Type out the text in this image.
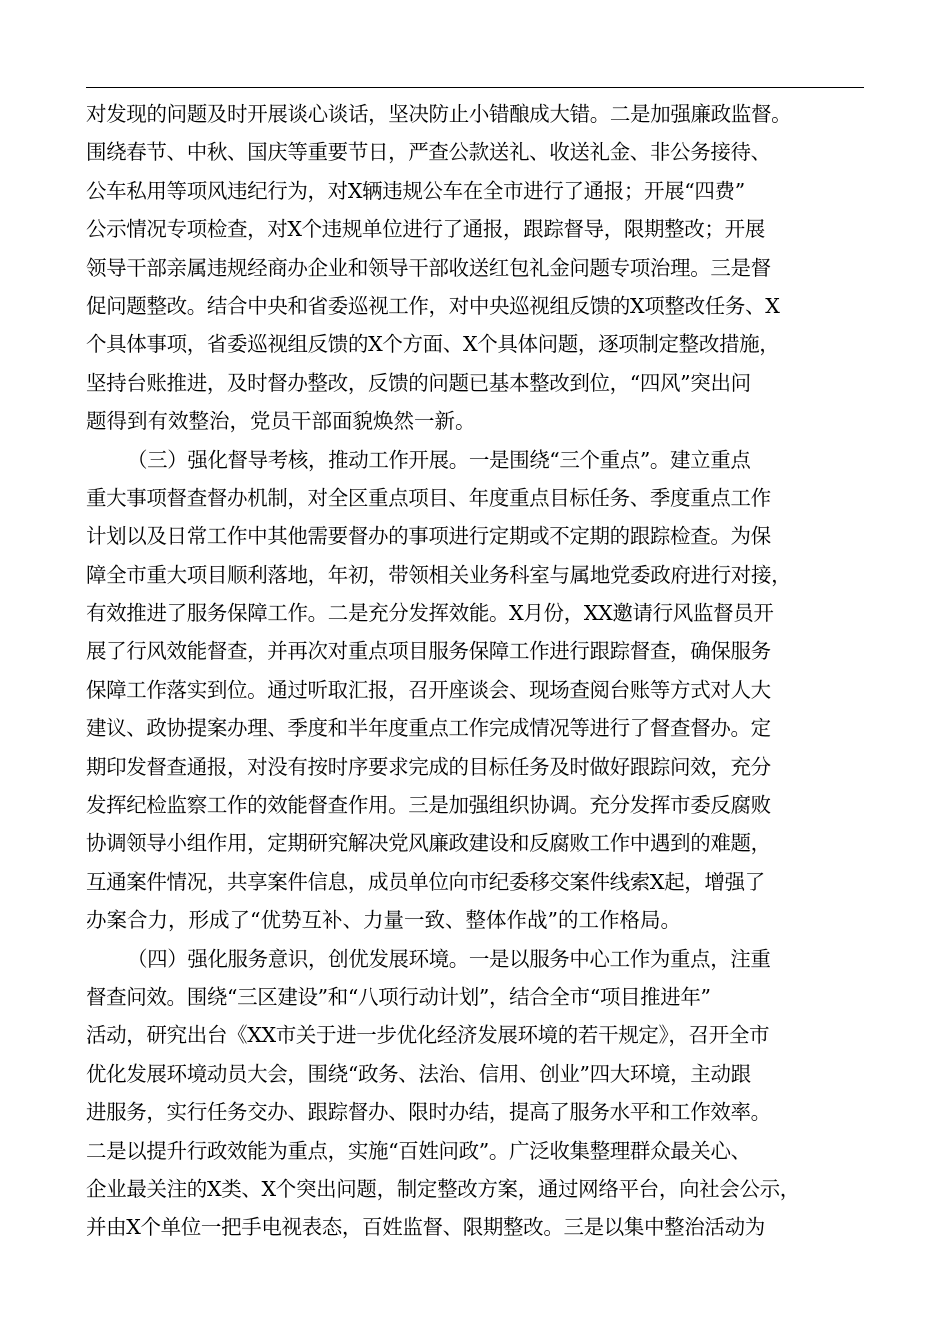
对发现的问题及时开展谈心谈话，坚决防止小错酿成大错。二是加强廉政监督。
围绕春节、中秋、国庆等重要节日，严查公款送礼、收送礼金、非公务接待、
公车私用等项风违纪行为，对X辆违规公车在全市进行了通报；开展“四费”
公示情况专项检查，对X个违规单位进行了通报，跟踪督导，限期整改；开展
领导干部亲属违规经商办企业和领导干部收送红包礼金问题专项治理。三是督
促问题整改。结合中央和省委巡视工作，对中央巡视组反馈的X项整改任务、X
个具体事项，省委巡视组反馈的X个方面、X个具体问题，逐项制定整改措施，
坚持台账推进，及时督办整改，反馈的问题已基本整改到位，“四风”突出问
题得到有效整治，党员干部面貌焕然一新。
（三）强化督导考核，推动工作开展。一是围绕“三个重点”。建立重点
重大事项督查督办机制，对全区重点项目、年度重点目标任务、季度重点工作
计划以及日常工作中其他需要督办的事项进行定期或不定期的跟踪检查。为保
障全市重大项目顺利落地，年初，带领相关业务科室与属地党委政府进行对接，
有效推进了服务保障工作。二是充分发挥效能。X月份，XX邀请行风监督员开
展了行风效能督查，并再次对重点项目服务保障工作进行跟踪督查，确保服务
保障工作落实到位。通过听取汇报，召开座谈会、现场查阅台账等方式对人大
建议、政协提案办理、季度和半年度重点工作完成情况等进行了督查督办。定
期印发督查通报，对没有按时序要求完成的目标任务及时做好跟踪问效，充分
发挥纪检监察工作的效能督查作用。三是加强组织协调。充分发挥市委反腐败
协调领导小组作用，定期研究解决党风廉政建设和反腐败工作中遇到的难题，
互通案件情况，共享案件信息，成员单位向市纪委移交案件线索X起，增强了
办案合力，形成了“优势互补、力量一致、整体作战”的工作格局。
（四）强化服务意识，创优发展环境。一是以服务中心工作为重点，注重
督查问效。围绕“三区建设”和“八项行动计划”，结合全市“项目推进年”
活动，研究出台《XX市关于进一步优化经济发展环境的若干规定》，召开全市
优化发展环境动员大会，围绕“政务、法治、信用、创业”四大环境，主动跟
进服务，实行任务交办、跟踪督办、限时办结，提高了服务水平和工作效率。
二是以提升行政效能为重点，实施“百姓问政”。广泛收集整理群众最关心、
企业最关注的X类、X个突出问题，制定整改方案，通过网络平台，向社会公示，
并由X个单位一把手电视表态，百姓监督、限期整改。三是以集中整治活动为
